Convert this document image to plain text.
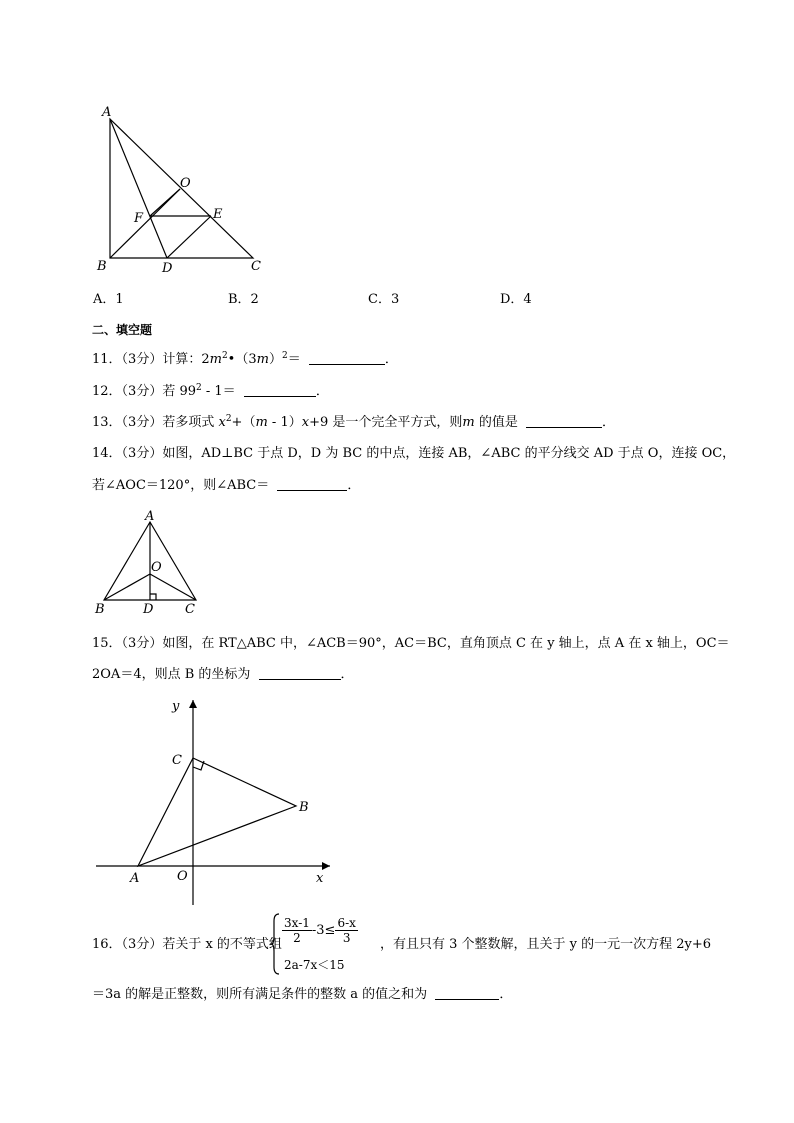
A
O
F	E
B	D	C
A．1	B．2	C．3	D．4
二、填空题
11．（3分）计算：$2m^2•(3m)^2=$	．
12．（3分）若 $99^2 - 1=$	．
13．（3分）若多项式 $x^2+(m - 1)x+9$ 是一个完全平方式，则m 的值是	．
14．（3分）如图，AD⊥BC 于点 D，D 为 BC 的中点，连接 AB，∠ABC 的平分线交 AD 于点 O，连接 OC，
若∠AOC＝120°，则∠ABC＝	．
A
O
B	D C
15．（3分）如图，在 RT△ABC 中，∠ACB＝90°，AC＝BC，直角顶点 C 在 y 轴上，点 A 在 x 轴上，OC＝
2OA＝4，则点 B 的坐标为	．
y
x
C
B
A	O
16．（3分）若关于 x 的不等式组 $\frac{3x-1}{2} -3\le \frac{6-x}{3}$
2a-7x＜15
，有且只有 3 个整数解，且关于 y 的一元一次方程 2y+6
＝3a 的解是正整数，则所有满足条件的整数 a 的值之和为	．
